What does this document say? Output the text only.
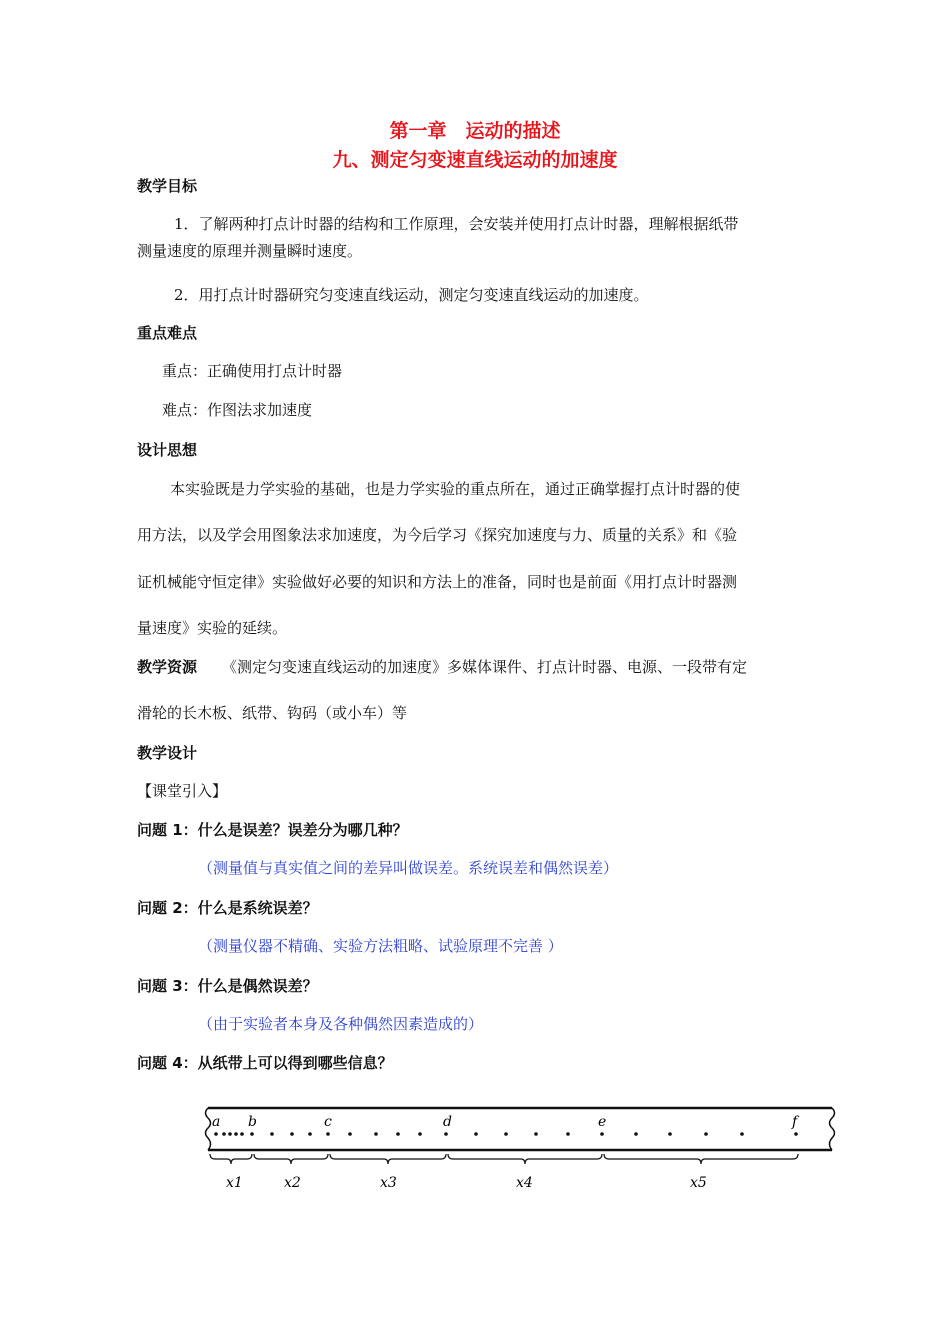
第一章　运动的描述
九、测定匀变速直线运动的加速度
教学目标
1．了解两种打点计时器的结构和工作原理，会安装并使用打点计时器，理解根据纸带
测量速度的原理并测量瞬时速度。
2．用打点计时器研究匀变速直线运动，测定匀变速直线运动的加速度。
重点难点
重点：正确使用打点计时器
难点：作图法求加速度
设计思想
本实验既是力学实验的基础，也是力学实验的重点所在，通过正确掌握打点计时器的使
用方法，以及学会用图象法求加速度，为今后学习《探究加速度与力、质量的关系》和《验
证机械能守恒定律》实验做好必要的知识和方法上的准备，同时也是前面《用打点计时器测
量速度》实验的延续。
教学资源 《测定匀变速直线运动的加速度》多媒体课件、打点计时器、电源、一段带有定
滑轮的长木板、纸带、钩码（或小车）等
教学设计
【课堂引入】
问题 1：什么是误差？误差分为哪几种？
（测量值与真实值之间的差异叫做误差。系统误差和偶然误差）
问题 2：什么是系统误差？
（测量仪器不精确、实验方法粗略、试验原理不完善 ）
问题 3：什么是偶然误差？
（由于实验者本身及各种偶然因素造成的）
问题 4：从纸带上可以得到哪些信息？
a b	c	d	e	f
x1	x2	x3	x4	x5
